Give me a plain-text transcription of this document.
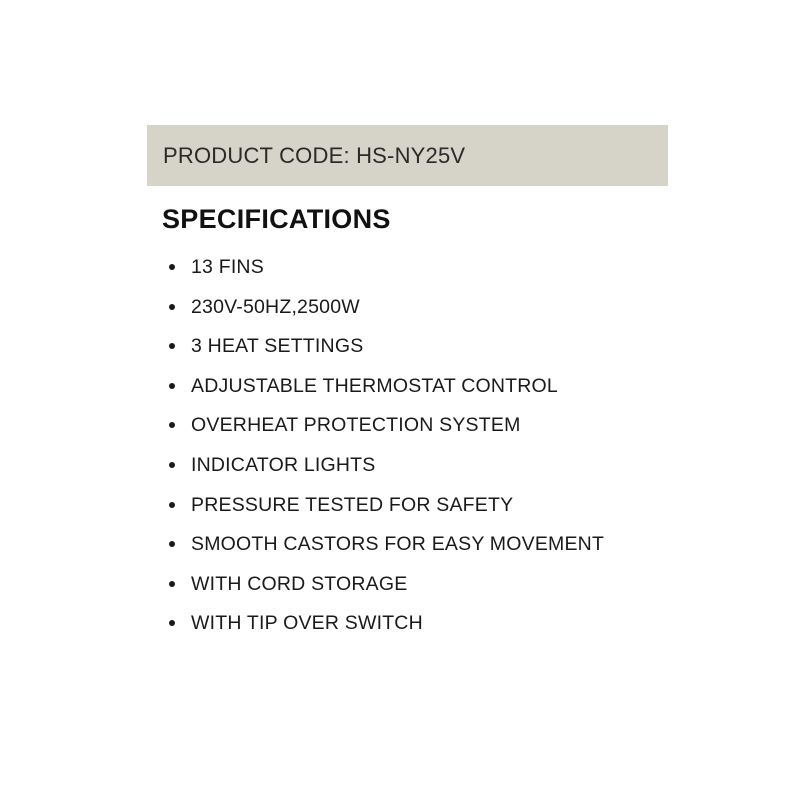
PRODUCT CODE: HS-NY25V
SPECIFICATIONS
13 FINS
230V-50HZ,2500W
3 HEAT SETTINGS
ADJUSTABLE THERMOSTAT CONTROL
OVERHEAT PROTECTION SYSTEM
INDICATOR LIGHTS
PRESSURE TESTED FOR SAFETY
SMOOTH CASTORS FOR EASY MOVEMENT
WITH CORD STORAGE
WITH TIP OVER SWITCH
